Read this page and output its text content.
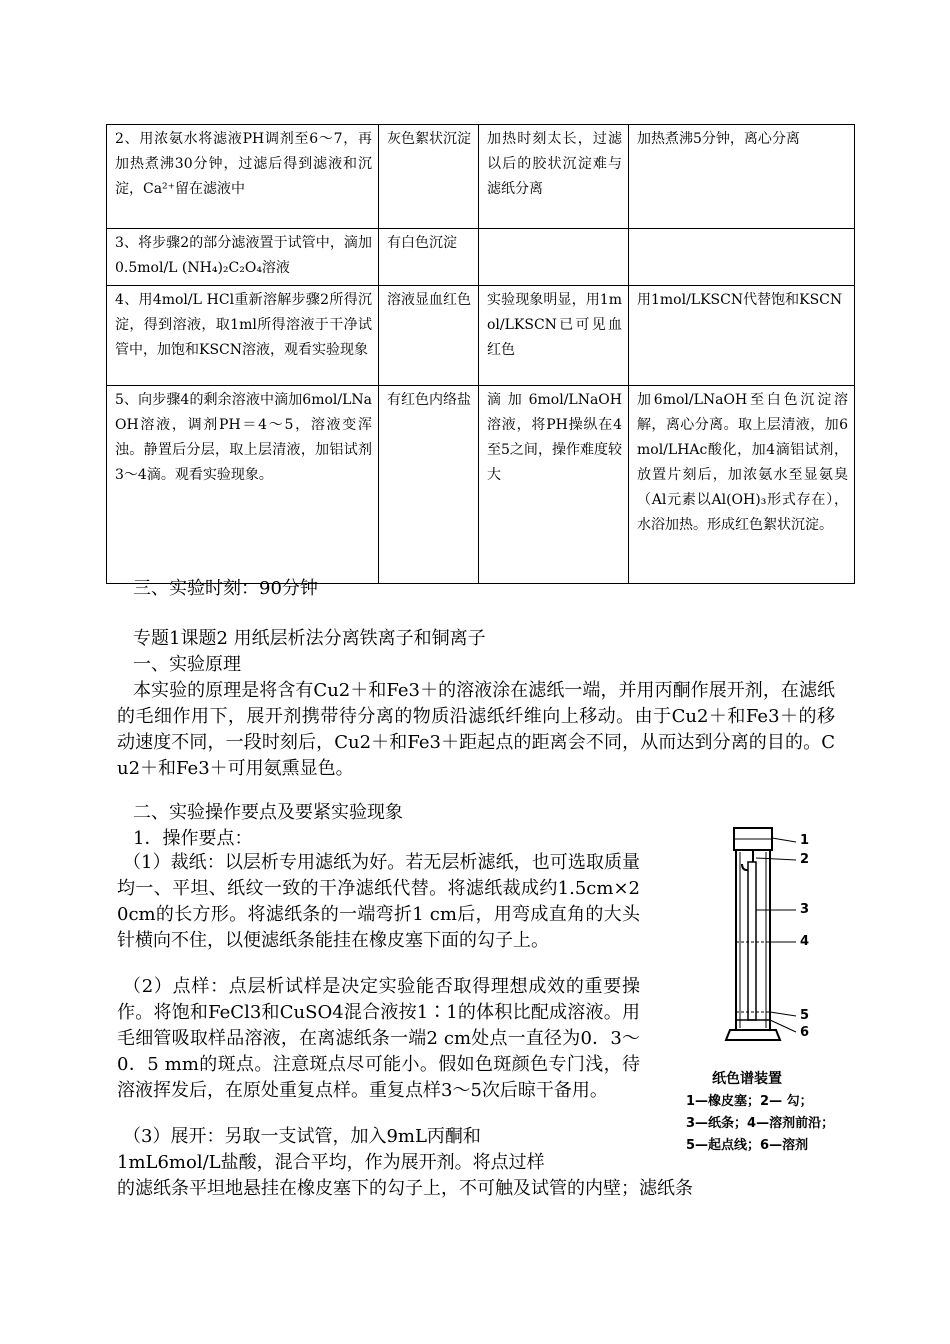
2、用浓氨水将滤液PH调剂至6～7，再加热煮沸30分钟，过滤后得到滤液和沉淀，Ca²⁺留在滤液中	灰色絮状沉淀	加热时刻太长，过滤以后的胶状沉淀难与滤纸分离	加热煮沸5分钟，离心分离
3、将步骤2的部分滤液置于试管中，滴加0.5mol/L (NH₄)₂C₂O₄溶液	有白色沉淀		
4、用4mol/L HCl重新溶解步骤2所得沉淀，得到溶液，取1ml所得溶液于干净试管中，加饱和KSCN溶液，观看实验现象	溶液显血红色	实验现象明显，用1mol/LKSCN已可见血红色	用1mol/LKSCN代替饱和KSCN
5、向步骤4的剩余溶液中滴加6mol/LNaOH溶液，调剂PH＝4～5，溶液变浑浊。静置后分层，取上层清液，加铝试剂3～4滴。观看实验现象。	有红色内络盐	滴加6mol/LNaOH溶液，将PH操纵在4至5之间，操作难度较大	加6mol/LNaOH至白色沉淀溶解，离心分离。取上层清液，加6mol/LHAc酸化，加4滴铝试剂，放置片刻后，加浓氨水至显氨臭（Al元素以Al(OH)₃形式存在），水浴加热。形成红色絮状沉淀。
三、实验时刻：90分钟
专题1课题2 用纸层析法分离铁离子和铜离子
一、实验原理
本实验的原理是将含有Cu2＋和Fe3＋的溶液涂在滤纸一端，并用丙酮作展开剂，在滤纸的毛细作用下，展开剂携带待分离的物质沿滤纸纤维向上移动。由于Cu2＋和Fe3＋的移动速度不同，一段时刻后，Cu2＋和Fe3＋距起点的距离会不同，从而达到分离的目的。Cu2＋和Fe3＋可用氨熏显色。
二、实验操作要点及要紧实验现象
1．操作要点：
（1）裁纸：以层析专用滤纸为好。若无层析滤纸，也可选取质量均一、平坦、纸纹一致的干净滤纸代替。将滤纸裁成约1.5cm×20cm的长方形。将滤纸条的一端弯折1 cm后，用弯成直角的大头针横向不住，以便滤纸条能挂在橡皮塞下面的勾子上。
（2）点样：点层析试样是决定实验能否取得理想成效的重要操作。将饱和FeCl3和CuSO4混合液按1∶1的体积比配成溶液。用毛细管吸取样品溶液，在离滤纸条一端2 cm处点一直径为0．3～0．5 mm的斑点。注意斑点尽可能小。假如色斑颜色专门浅，待溶液挥发后，在原处重复点样。重复点样3～5次后晾干备用。
（3）展开：另取一支试管，加入9mL丙酮和
1mL6mol/L盐酸，混合平均，作为展开剂。将点过样
的滤纸条平坦地悬挂在橡皮塞下的勾子上，不可触及试管的内壁；滤纸条
1
2
3
4
5
6
纸色谱装置
1—橡皮塞；2— 勾；
3—纸条；4—溶剂前沿；
5—起点线；6—溶剂
